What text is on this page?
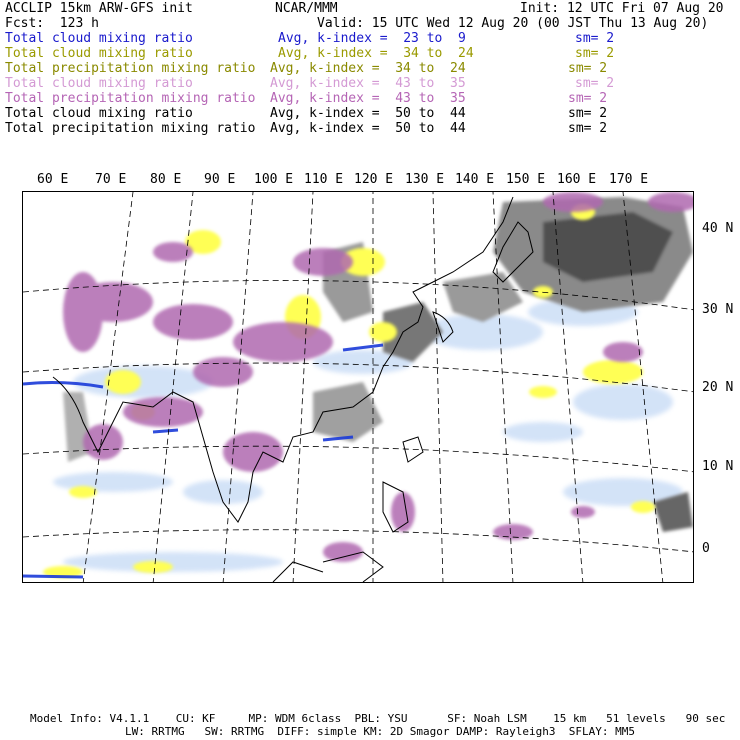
ACCLIP 15km ARW-GFS init	NCAR/MMM	Init: 12 UTC Fri 07 Aug 20
Fcst:  123 h	Valid: 15 UTC Wed 12 Aug 20 (00 JST Thu 13 Aug 20)
Total cloud mixing ratio	Avg, k-index =  23 to  9	sm= 2
Total cloud mixing ratio	Avg, k-index =  34 to  24	sm= 2
Total precipitation mixing ratio Avg, k-index =  34 to  24	sm= 2
Total cloud mixing ratio	Avg, k-index =  43 to  35	sm= 2
Total precipitation mixing ratio Avg, k-index =  43 to  35	sm= 2
Total cloud mixing ratio	Avg, k-index =  50 to  44	sm= 2
Total precipitation mixing ratio Avg, k-index =  50 to  44	sm= 2
60 E 70 E 80 E 90 E 100 E 110 E 120 E 130 E 140 E 150 E 160 E 170 E
40 N
30 N
20 N
10 N
0
Model Info: V4.1.1    CU: KF     MP: WDM 6class  PBL: YSU      SF: Noah LSM    15 km   51 levels   90 sec
LW: RRTMG   SW: RRTMG  DIFF: simple KM: 2D Smagor DAMP: Rayleigh3  SFLAY: MM5
